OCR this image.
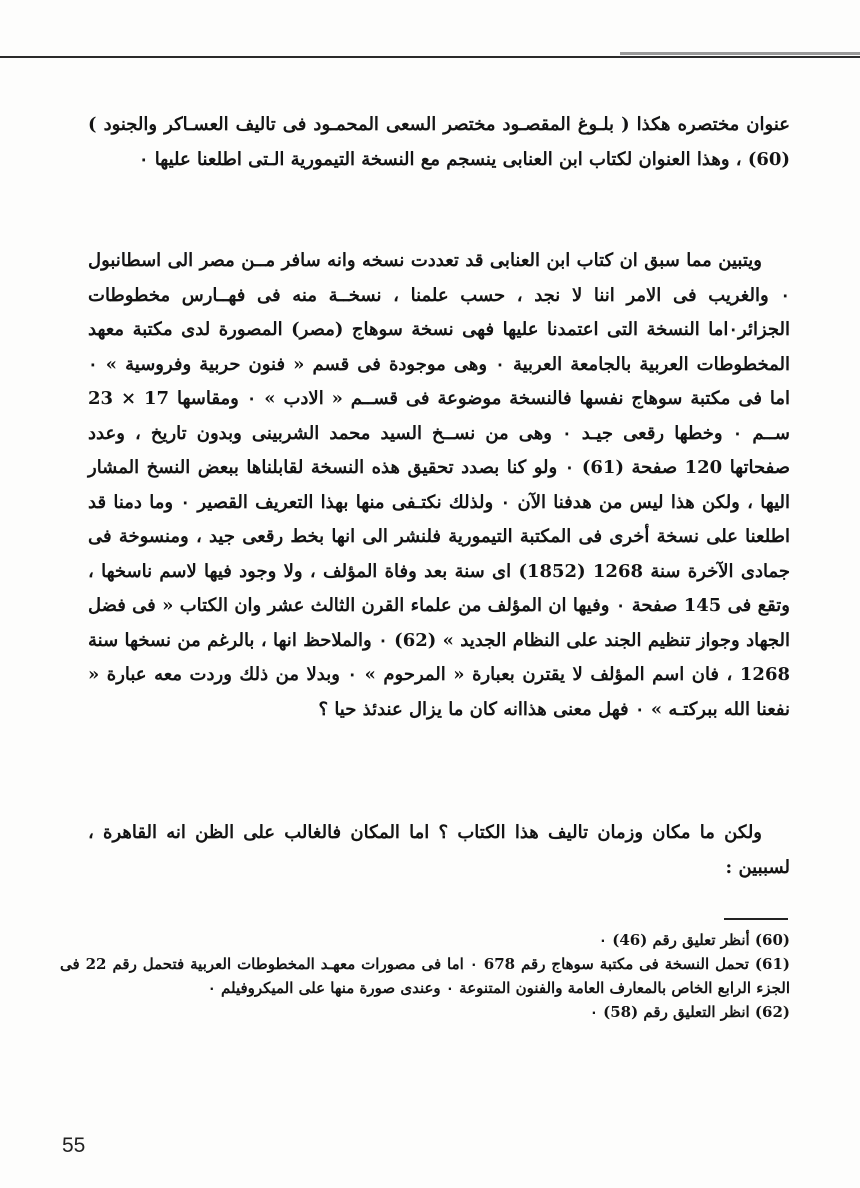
عنوان مختصره هكذا ( بلـوغ المقصـود مختصر السعى المحمـود فى تاليف العسـاكر والجنود ) (60) ، وهذا العنوان لكتاب ابن العنابى ينسجم مع النسخة التيمورية الـتى اطلعنا عليها ٠

ويتبين مما سبق ان كتاب ابن العنابى قد تعددت نسخه وانه سافر مــن مصر الى اسطانبول ٠ والغريب فى الامر اننا لا نجد ، حسب علمنا ، نسخــة منه فى فهــارس مخطوطات الجزائر٠اما النسخة التى اعتمدنا عليها فهى نسخة سوهاج (مصر) المصورة لدى مكتبة معهد المخطوطات العربية بالجامعة العربية ٠ وهى موجودة فى قسم « فنون حربية وفروسية » ٠ اما فى مكتبة سوهاج نفسها فالنسخة موضوعة فى قســم « الادب » ٠ ومقاسها 17 × 23 ســم ٠ وخطها رقعى جيـد ٠ وهى من نســخ السيد محمد الشربينى وبدون تاريخ ، وعدد صفحاتها 120 صفحة (61) ٠ ولو كنا بصدد تحقيق هذه النسخة لقابلناها ببعض النسخ المشار اليها ، ولكن هذا ليس من هدفنا الآن ٠ ولذلك نكتـفى منها بهذا التعريف القصير ٠ وما دمنا قد اطلعنا على نسخة أخرى فى المكتبة التيمورية فلنشر الى انها بخط رقعى جيد ، ومنسوخة فى جمادى الآخرة سنة 1268 (1852) اى سنة بعد وفاة المؤلف ، ولا وجود فيها لاسم ناسخها ، وتقع فى 145 صفحة ٠ وفيها ان المؤلف من علماء القرن الثالث عشر وان الكتاب « فى فضل الجهاد وجواز تنظيم الجند على النظام الجديد » (62) ٠ والملاحظ انها ، بالرغم من نسخها سنة 1268 ، فان اسم المؤلف لا يقترن بعبارة « المرحوم » ٠ وبدلا من ذلك وردت معه عبارة « نفعنا الله ببركتـه » ٠ فهل معنى هذاانه كان ما يزال عندئذ حيا ؟

ولكن ما مكان وزمان تاليف هذا الكتاب ؟ اما المكان فالغالب على الظن انه القاهرة ، لسببين :

(60) أنظر تعليق رقم (46) ٠
(61) تحمل النسخة فى مكتبة سوهاج رقم 678 ٠ اما فى مصورات معهـد المخطوطات العربية فتحمل رقم 22 فى الجزء الرابع الخاص بالمعارف العامة والفنون المتنوعة ٠ وعندى صورة منها على الميكروفيلم ٠
(62) انظر التعليق رقم (58) ٠
55
